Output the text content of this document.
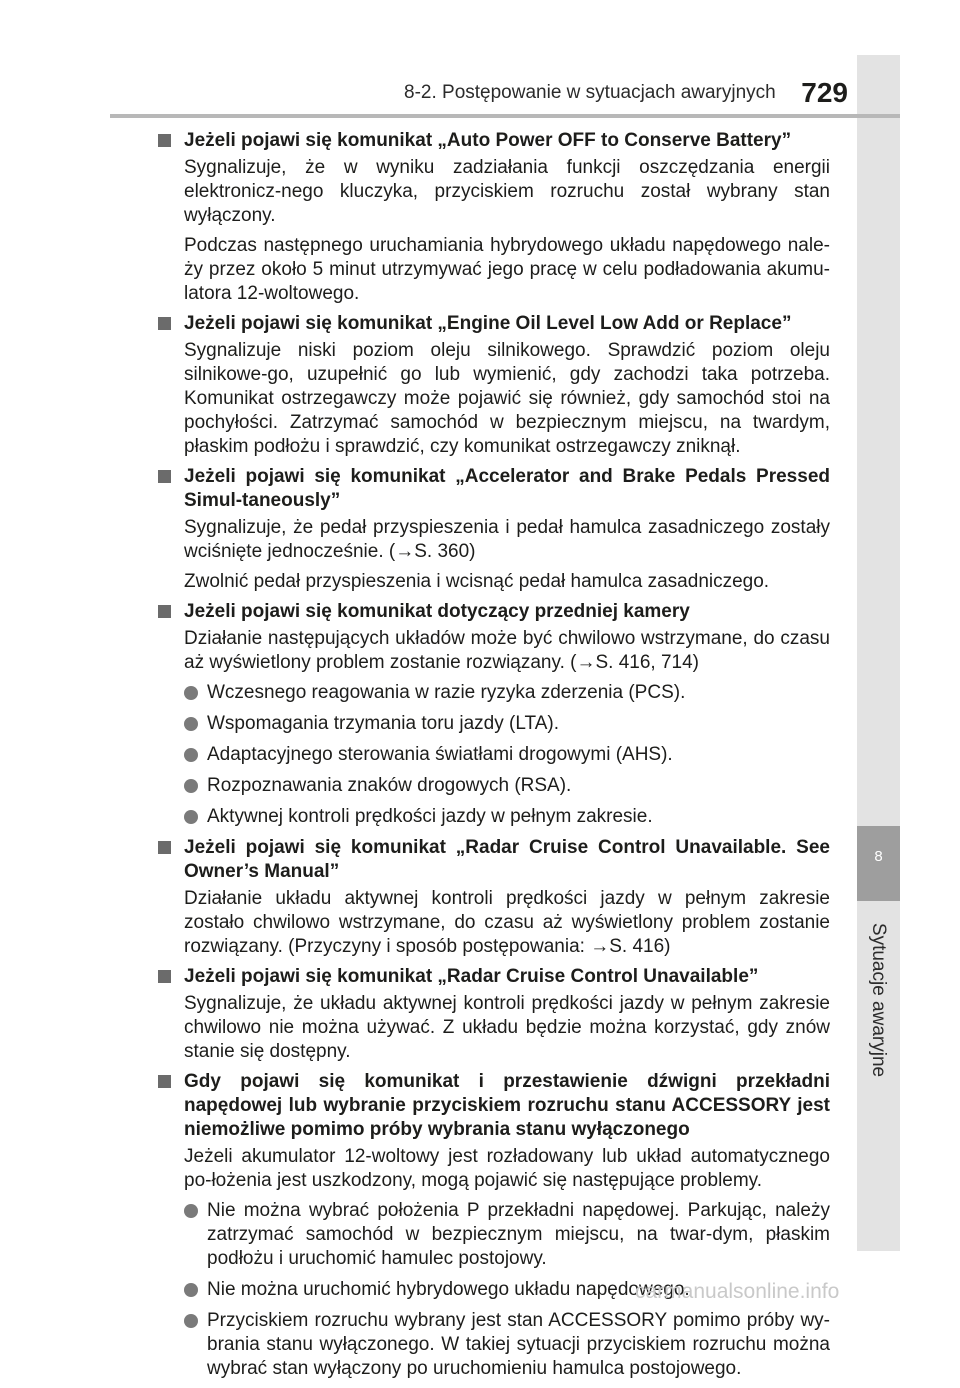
8
Sytuacje awaryjne
8-2. Postępowanie w sytuacjach awaryjnych 729
Jeżeli pojawi się komunikat „Auto Power OFF to Conserve Battery”
Sygnalizuje, że w wyniku zadziałania funkcji oszczędzania energii elektronicz-nego kluczyka, przyciskiem rozruchu został wybrany stan wyłączony.
Podczas następnego uruchamiania hybrydowego układu napędowego nale-ży przez około 5 minut utrzymywać jego pracę w celu podładowania akumu-latora 12-woltowego.
Jeżeli pojawi się komunikat „Engine Oil Level Low Add or Replace”
Sygnalizuje niski poziom oleju silnikowego. Sprawdzić poziom oleju silnikowe-go, uzupełnić go lub wymienić, gdy zachodzi taka potrzeba. Komunikat ostrzegawczy może pojawić się również, gdy samochód stoi na pochyłości. Zatrzymać samochód w bezpiecznym miejscu, na twardym, płaskim podłożu i sprawdzić, czy komunikat ostrzegawczy zniknął.
Jeżeli pojawi się komunikat „Accelerator and Brake Pedals Pressed Simul-taneously”
Sygnalizuje, że pedał przyspieszenia i pedał hamulca zasadniczego zostały wciśnięte jednocześnie. (→S. 360)
Zwolnić pedał przyspieszenia i wcisnąć pedał hamulca zasadniczego.
Jeżeli pojawi się komunikat dotyczący przedniej kamery
Działanie następujących układów może być chwilowo wstrzymane, do czasu aż wyświetlony problem zostanie rozwiązany. (→S. 416, 714)
Wczesnego reagowania w razie ryzyka zderzenia (PCS).
Wspomagania trzymania toru jazdy (LTA).
Adaptacyjnego sterowania światłami drogowymi (AHS).
Rozpoznawania znaków drogowych (RSA).
Aktywnej kontroli prędkości jazdy w pełnym zakresie.
Jeżeli pojawi się komunikat „Radar Cruise Control Unavailable. See Owner’s Manual”
Działanie układu aktywnej kontroli prędkości jazdy w pełnym zakresie zostało chwilowo wstrzymane, do czasu aż wyświetlony problem zostanie rozwiązany. (Przyczyny i sposób postępowania: →S. 416)
Jeżeli pojawi się komunikat „Radar Cruise Control Unavailable”
Sygnalizuje, że układu aktywnej kontroli prędkości jazdy w pełnym zakresie chwilowo nie można używać. Z układu będzie można korzystać, gdy znów stanie się dostępny.
Gdy pojawi się komunikat i przestawienie dźwigni przekładni napędowej lub wybranie przyciskiem rozruchu stanu ACCESSORY jest niemożliwe pomimo próby wybrania stanu wyłączonego
Jeżeli akumulator 12-woltowy jest rozładowany lub układ automatycznego po-łożenia jest uszkodzony, mogą pojawić się następujące problemy.
Nie można wybrać położenia P przekładni napędowej. Parkując, należy zatrzymać samochód w bezpiecznym miejscu, na twar-dym, płaskim podłożu i uruchomić hamulec postojowy.
Nie można uruchomić hybrydowego układu napędowego.
Przyciskiem rozruchu wybrany jest stan ACCESSORY pomimo próby wy-brania stanu wyłączonego. W takiej sytuacji przyciskiem rozruchu można wybrać stan wyłączony po uruchomieniu hamulca postojowego.
carmanualsonline.info
